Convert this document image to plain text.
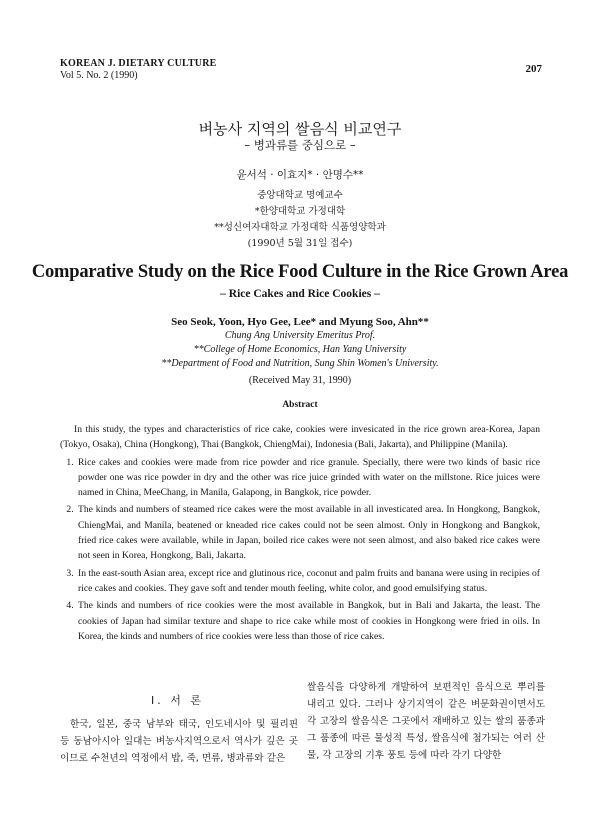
KOREAN J. DIETARY CULTURE
Vol 5. No. 2 (1990)
207
벼농사 지역의 쌀음식 비교연구
– 병과류를 중심으로 –
윤서석 · 이효지* · 안명수**
중앙대학교 명예교수
*한양대학교 가정대학
**성신여자대학교 가정대학 식품영양학과
(1990년 5월 31일 접수)
Comparative Study on the Rice Food Culture in the Rice Grown Area
– Rice Cakes and Rice Cookies –
Seo Seok, Yoon, Hyo Gee, Lee* and Myung Soo, Ahn**
Chung Ang University Emeritus Prof.
**College of Home Economics, Han Yang University
**Department of Food and Nutrition, Sung Shin Women's University.
(Received May 31, 1990)
Abstract

In this study, the types and characteristics of rice cake, cookies were invesicated in the rice grown area-Korea, Japan (Tokyo, Osaka), China (Hongkong), Thai (Bangkok, ChiengMai), Indonesia (Bali, Jakarta), and Philippine (Manila).

1. Rice cakes and cookies were made from rice powder and rice granule. Specially, there were two kinds of basic rice powder one was rice powder in dry and the other was rice juice grinded with water on the millstone. Rice juices were named in China, MeeChang, in Manila, Galapong, in Bangkok, rice powder.
2. The kinds and numbers of steamed rice cakes were the most available in all investicated area. In Hongkong, Bangkok, ChiengMai, and Manila, beatened or kneaded rice cakes could not be seen almost. Only in Hongkong and Bangkok, fried rice cakes were available, while in Japan, boiled rice cakes were not seen almost, and also baked rice cakes were not seen in Korea, Hongkong, Bali, Jakarta.
3. In the east-south Asian area, except rice and glutinous rice, coconut and palm fruits and banana were using in recipies of rice cakes and cookies. They gave soft and tender mouth feeling, white color, and good emulsifying status.
4. The kinds and numbers of rice cookies were the most available in Bangkok, but in Bali and Jakarta, the least. The cookies of Japan had similar texture and shape to rice cake while most of cookies in Hongkong were fried in oils. In Korea, the kinds and numbers of rice cookies were less than those of rice cakes.
I. 서 론

한국, 일본, 중국 남부와 태국, 인도네시아 및 필리핀 등 동남아시아 일대는 벼농사지역으로서 역사가 깊은 곳이므로 수천년의 역정에서 밥, 죽, 면류, 병과류와 같은

쌀음식을 다양하게 개발하여 보편적인 음식으로 뿌리를 내리고 있다. 그러나 상기지역이 같은 벼문화권이면서도 각 고장의 쌀음식은 그곳에서 재배하고 있는 쌀의 품종과 그 품종에 따른 물성적 특성, 쌀음식에 첨가되는 여러 산물, 각 고장의 기후 풍토 등에 따라 각기 다양한
